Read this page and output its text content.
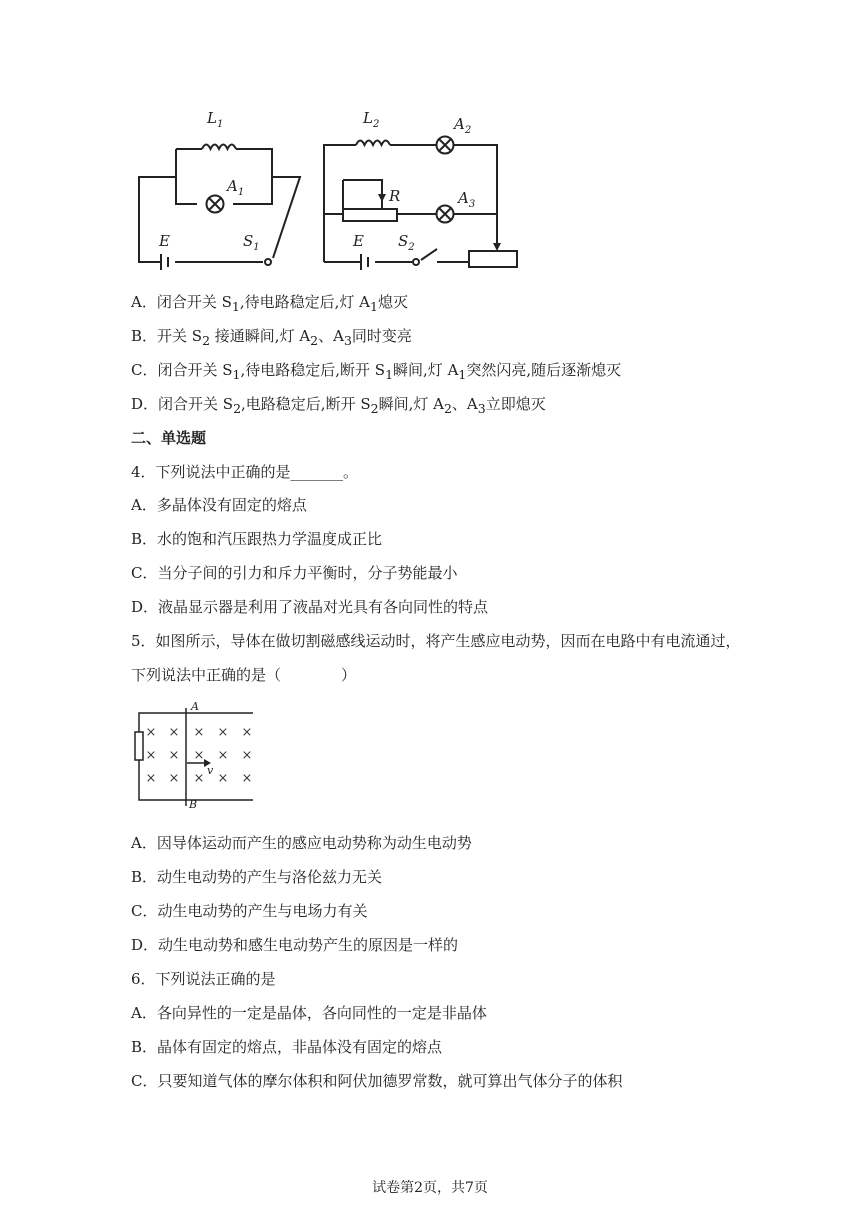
$L_1$
$A_1$
E	$S_1$
$L_2$	$A_2$
R	$A_3$
E $S_2$
A．闭合开关 $S_1$,待电路稳定后,灯 $A_1$熄灭
B．开关 $S_2$ 接通瞬间,灯 $A_2$、$A_3$同时变亮
C．闭合开关 $S_1$,待电路稳定后,断开 $S_1$瞬间,灯 $A_1$突然闪亮,随后逐渐熄灭
D．闭合开关 $S_2$,电路稳定后,断开 $S_2$瞬间,灯 $A_2$、$A_3$立即熄灭
二、单选题
4．下列说法中正确的是_______。
A．多晶体没有固定的熔点
B．水的饱和汽压跟热力学温度成正比
C．当分子间的引力和斥力平衡时，分子势能最小
D．液晶显示器是利用了液晶对光具有各向同性的特点
5．如图所示，导体在做切割磁感线运动时，将产生感应电动势，因而在电路中有电流通过，
下列说法中正确的是（　　　　）
× × × × ×
× × × × ×
× × × × ×
A
B
v
A．因导体运动而产生的感应电动势称为动生电动势
B．动生电动势的产生与洛伦兹力无关
C．动生电动势的产生与电场力有关
D．动生电动势和感生电动势产生的原因是一样的
6．下列说法正确的是
A．各向异性的一定是晶体，各向同性的一定是非晶体
B．晶体有固定的熔点，非晶体没有固定的熔点
C．只要知道气体的摩尔体积和阿伏加德罗常数，就可算出气体分子的体积
试卷第2页，共7页
